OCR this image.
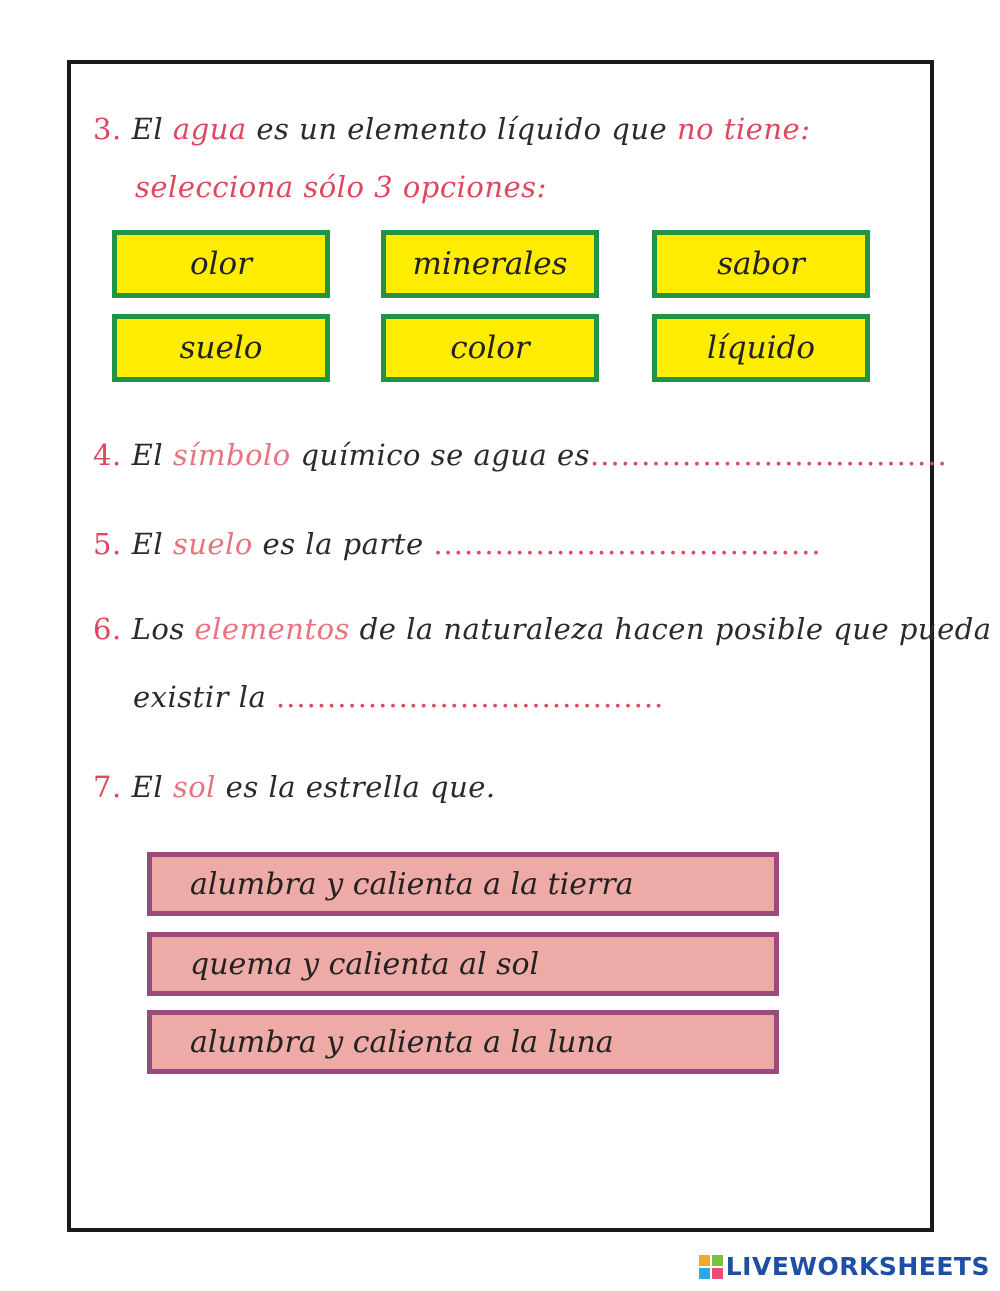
3. El agua es un elemento líquido que no tiene:
selecciona sólo 3 opciones:
olor	minerales	sabor
suelo	color	líquido
4. El símbolo químico se agua es...................................
5. El suelo es la parte ......................................
6. Los elementos de la naturaleza hacen posible que pueda
existir la ......................................
7. El sol es la estrella que.
alumbra y calienta a la tierra
quema y calienta al sol
alumbra y calienta a la luna
LIVEWORKSHEETS
